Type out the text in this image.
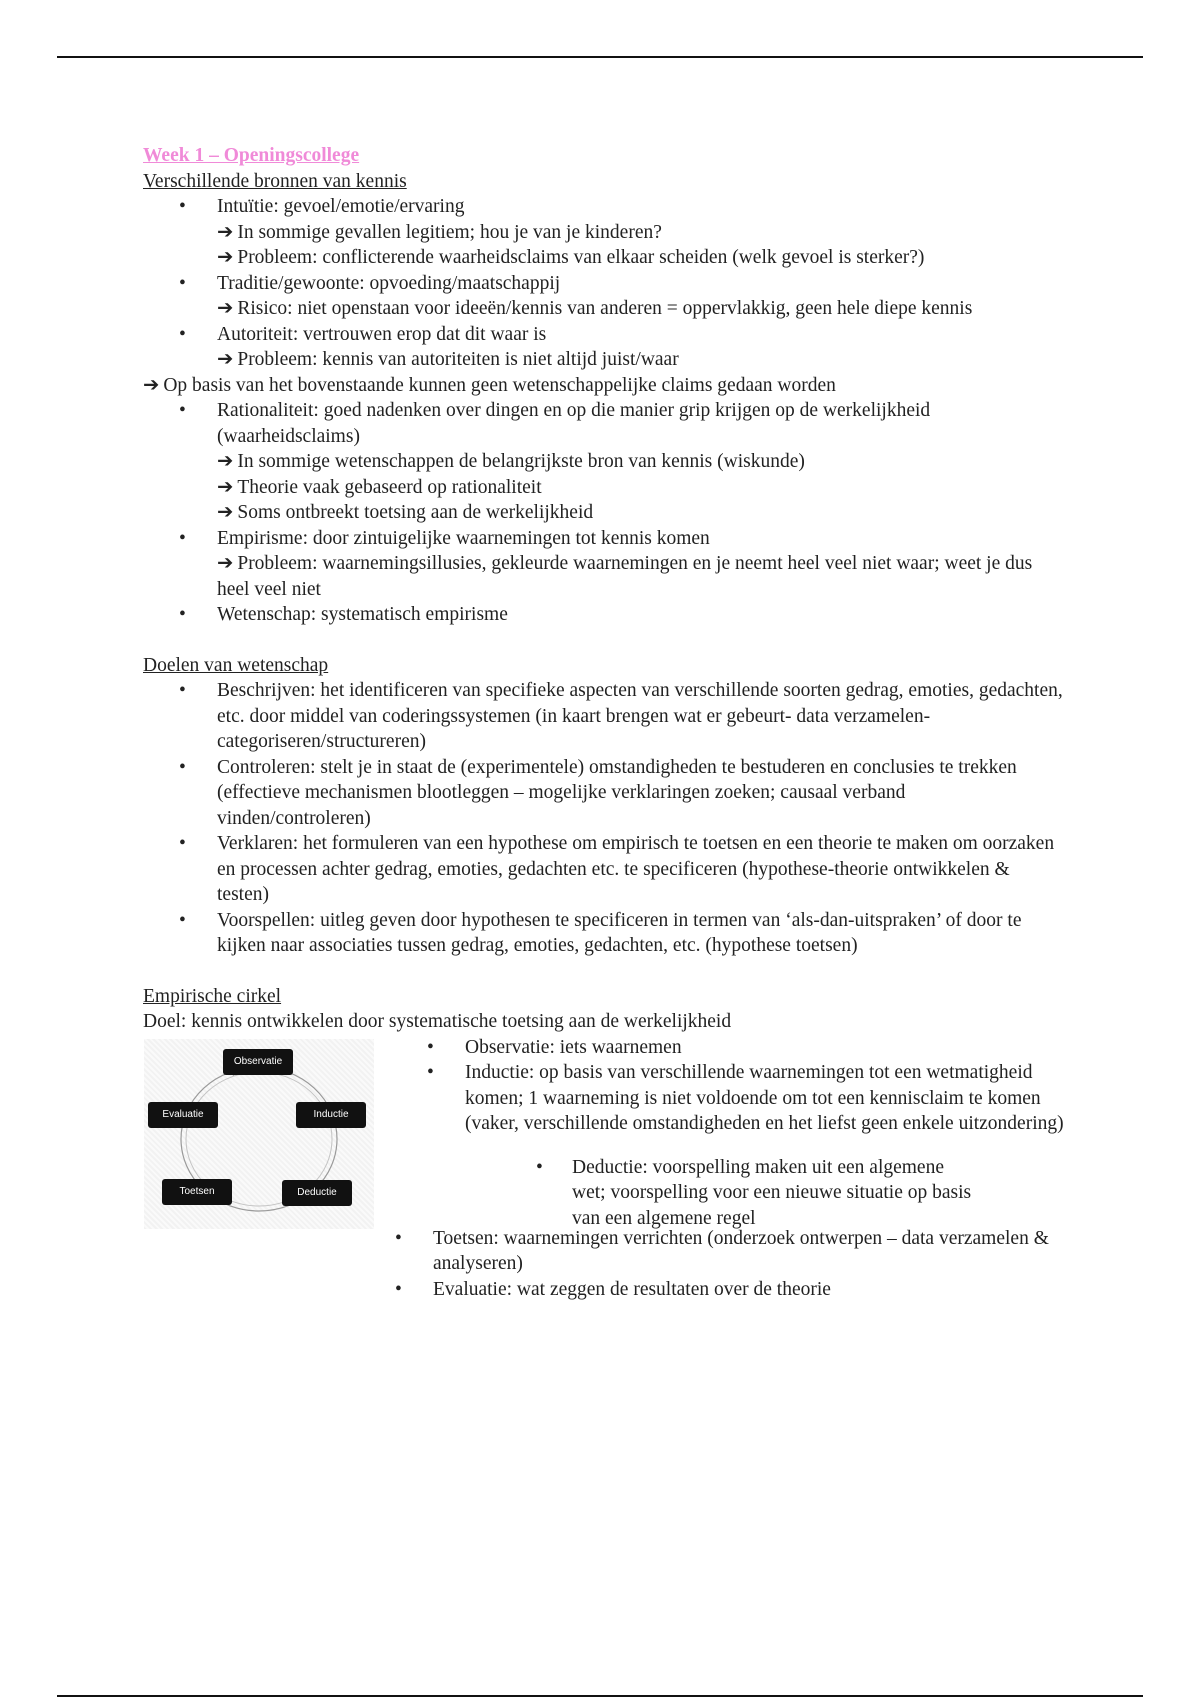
Week 1 – Openingscollege
Verschillende bronnen van kennis
• Intuïtie: gevoel/emotie/ervaring
➔ In sommige gevallen legitiem; hou je van je kinderen?
➔ Probleem: conflicterende waarheidsclaims van elkaar scheiden (welk gevoel is sterker?)
• Traditie/gewoonte: opvoeding/maatschappij
➔ Risico: niet openstaan voor ideeën/kennis van anderen = oppervlakkig, geen hele diepe kennis
• Autoriteit: vertrouwen erop dat dit waar is
➔ Probleem: kennis van autoriteiten is niet altijd juist/waar
➔ Op basis van het bovenstaande kunnen geen wetenschappelijke claims gedaan worden
• Rationaliteit: goed nadenken over dingen en op die manier grip krijgen op de werkelijkheid (waarheidsclaims)
➔ In sommige wetenschappen de belangrijkste bron van kennis (wiskunde)
➔ Theorie vaak gebaseerd op rationaliteit
➔ Soms ontbreekt toetsing aan de werkelijkheid
• Empirisme: door zintuigelijke waarnemingen tot kennis komen
➔ Probleem: waarnemingsillusies, gekleurde waarnemingen en je neemt heel veel niet waar; weet je dus heel veel niet
• Wetenschap: systematisch empirisme
Doelen van wetenschap
• Beschrijven: het identificeren van specifieke aspecten van verschillende soorten gedrag, emoties, gedachten, etc. door middel van coderingssystemen (in kaart brengen wat er gebeurt- data verzamelen- categoriseren/structureren)
• Controleren: stelt je in staat de (experimentele) omstandigheden te bestuderen en conclusies te trekken (effectieve mechanismen blootleggen – mogelijke verklaringen zoeken; causaal verband vinden/controleren)
• Verklaren: het formuleren van een hypothese om empirisch te toetsen en een theorie te maken om oorzaken en processen achter gedrag, emoties, gedachten etc. te specificeren (hypothese-theorie ontwikkelen & testen)
• Voorspellen: uitleg geven door hypothesen te specificeren in termen van ‘als-dan-uitspraken’ of door te kijken naar associaties tussen gedrag, emoties, gedachten, etc. (hypothese toetsen)
Empirische cirkel
Doel: kennis ontwikkelen door systematische toetsing aan de werkelijkheid
Observatie
Inductie
Deductie
Toetsen
Evaluatie
• Observatie: iets waarnemen
• Inductie: op basis van verschillende waarnemingen tot een wetmatigheid komen; 1 waarneming is niet voldoende om tot een kennisclaim te komen (vaker, verschillende omstandigheden en het liefst geen enkele uitzondering)
• Deductie: voorspelling maken uit een algemene wet; voorspelling voor een nieuwe situatie op basis van een algemene regel
• Toetsen: waarnemingen verrichten (onderzoek ontwerpen – data verzamelen & analyseren)
• Evaluatie: wat zeggen de resultaten over de theorie
